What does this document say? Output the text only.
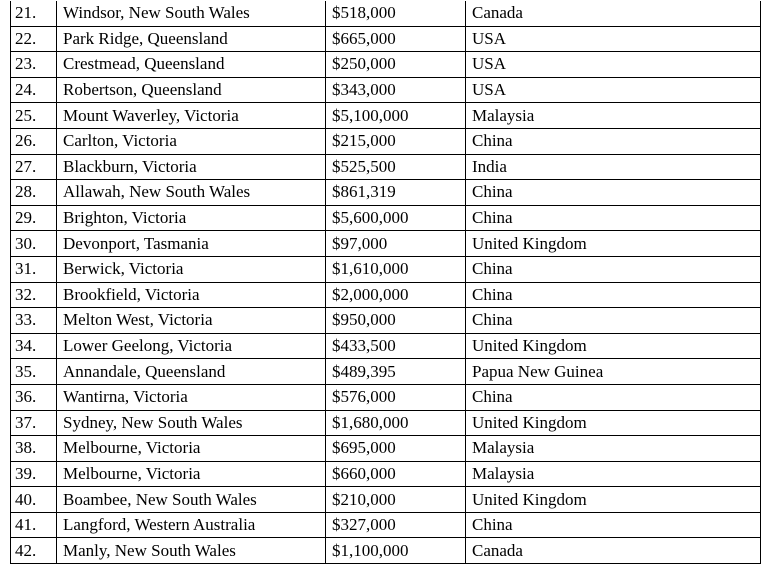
21.	Windsor, New South Wales	$518,000	Canada
22.	Park Ridge, Queensland	$665,000	USA
23.	Crestmead, Queensland	$250,000	USA
24.	Robertson, Queensland	$343,000	USA
25.	Mount Waverley, Victoria	$5,100,000	Malaysia
26.	Carlton, Victoria	$215,000	China
27.	Blackburn, Victoria	$525,500	India
28.	Allawah, New South Wales	$861,319	China
29.	Brighton, Victoria	$5,600,000	China
30.	Devonport, Tasmania	$97,000	United Kingdom
31.	Berwick, Victoria	$1,610,000	China
32.	Brookfield, Victoria	$2,000,000	China
33.	Melton West, Victoria	$950,000	China
34.	Lower Geelong, Victoria	$433,500	United Kingdom
35.	Annandale, Queensland	$489,395	Papua New Guinea
36.	Wantirna, Victoria	$576,000	China
37.	Sydney, New South Wales	$1,680,000	United Kingdom
38.	Melbourne, Victoria	$695,000	Malaysia
39.	Melbourne, Victoria	$660,000	Malaysia
40.	Boambee, New South Wales	$210,000	United Kingdom
41.	Langford, Western Australia	$327,000	China
42.	Manly, New South Wales	$1,100,000	Canada
